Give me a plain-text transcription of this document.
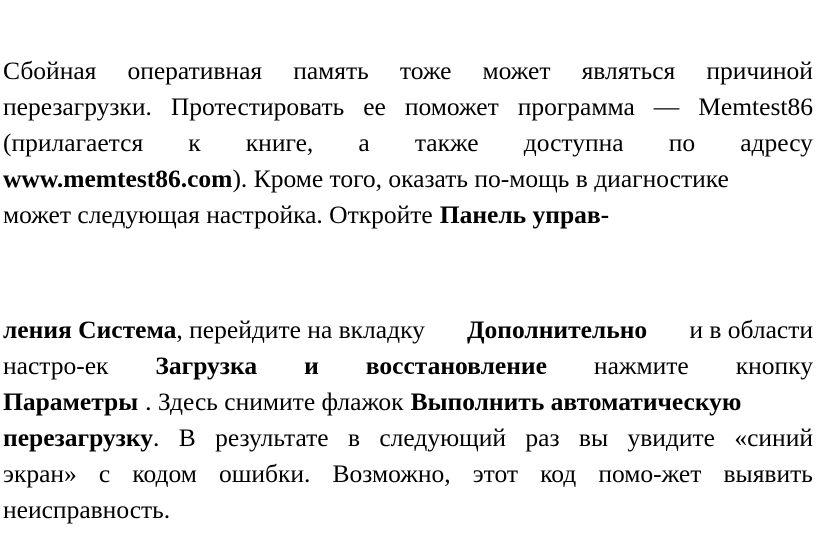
Сбойная оперативная память тоже может являться причиной
перезагрузки. Протестировать ее поможет программа — Memtest86
(прилагается к книге, а также доступна по адресу
www.memtest86.com ). Кроме того, оказать по-мощь в диагностике
может следующая настройка. Откройте Панель управ-
ления Система, перейдите на вкладку Дополнительно и в области
настро-ек Загрузка и восстановление нажмите кнопку
Параметры . Здесь снимите флажок Выполнить автоматическую
перезагрузку. В результате в следующий раз вы увидите «синий
экран» с кодом ошибки. Возможно, этот код помо-жет выявить
неисправность.
